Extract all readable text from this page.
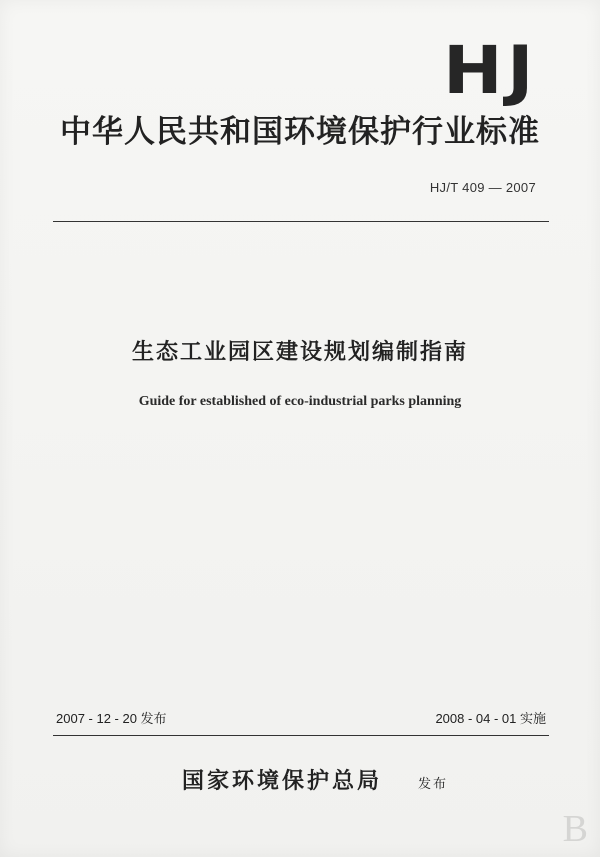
HJ
中华人民共和国环境保护行业标准
HJ/T 409 — 2007
生态工业园区建设规划编制指南
Guide for established of eco-industrial parks planning
2007 - 12 - 20 发布	2008 - 04 - 01 实施
国家环境保护总局	发布
B
